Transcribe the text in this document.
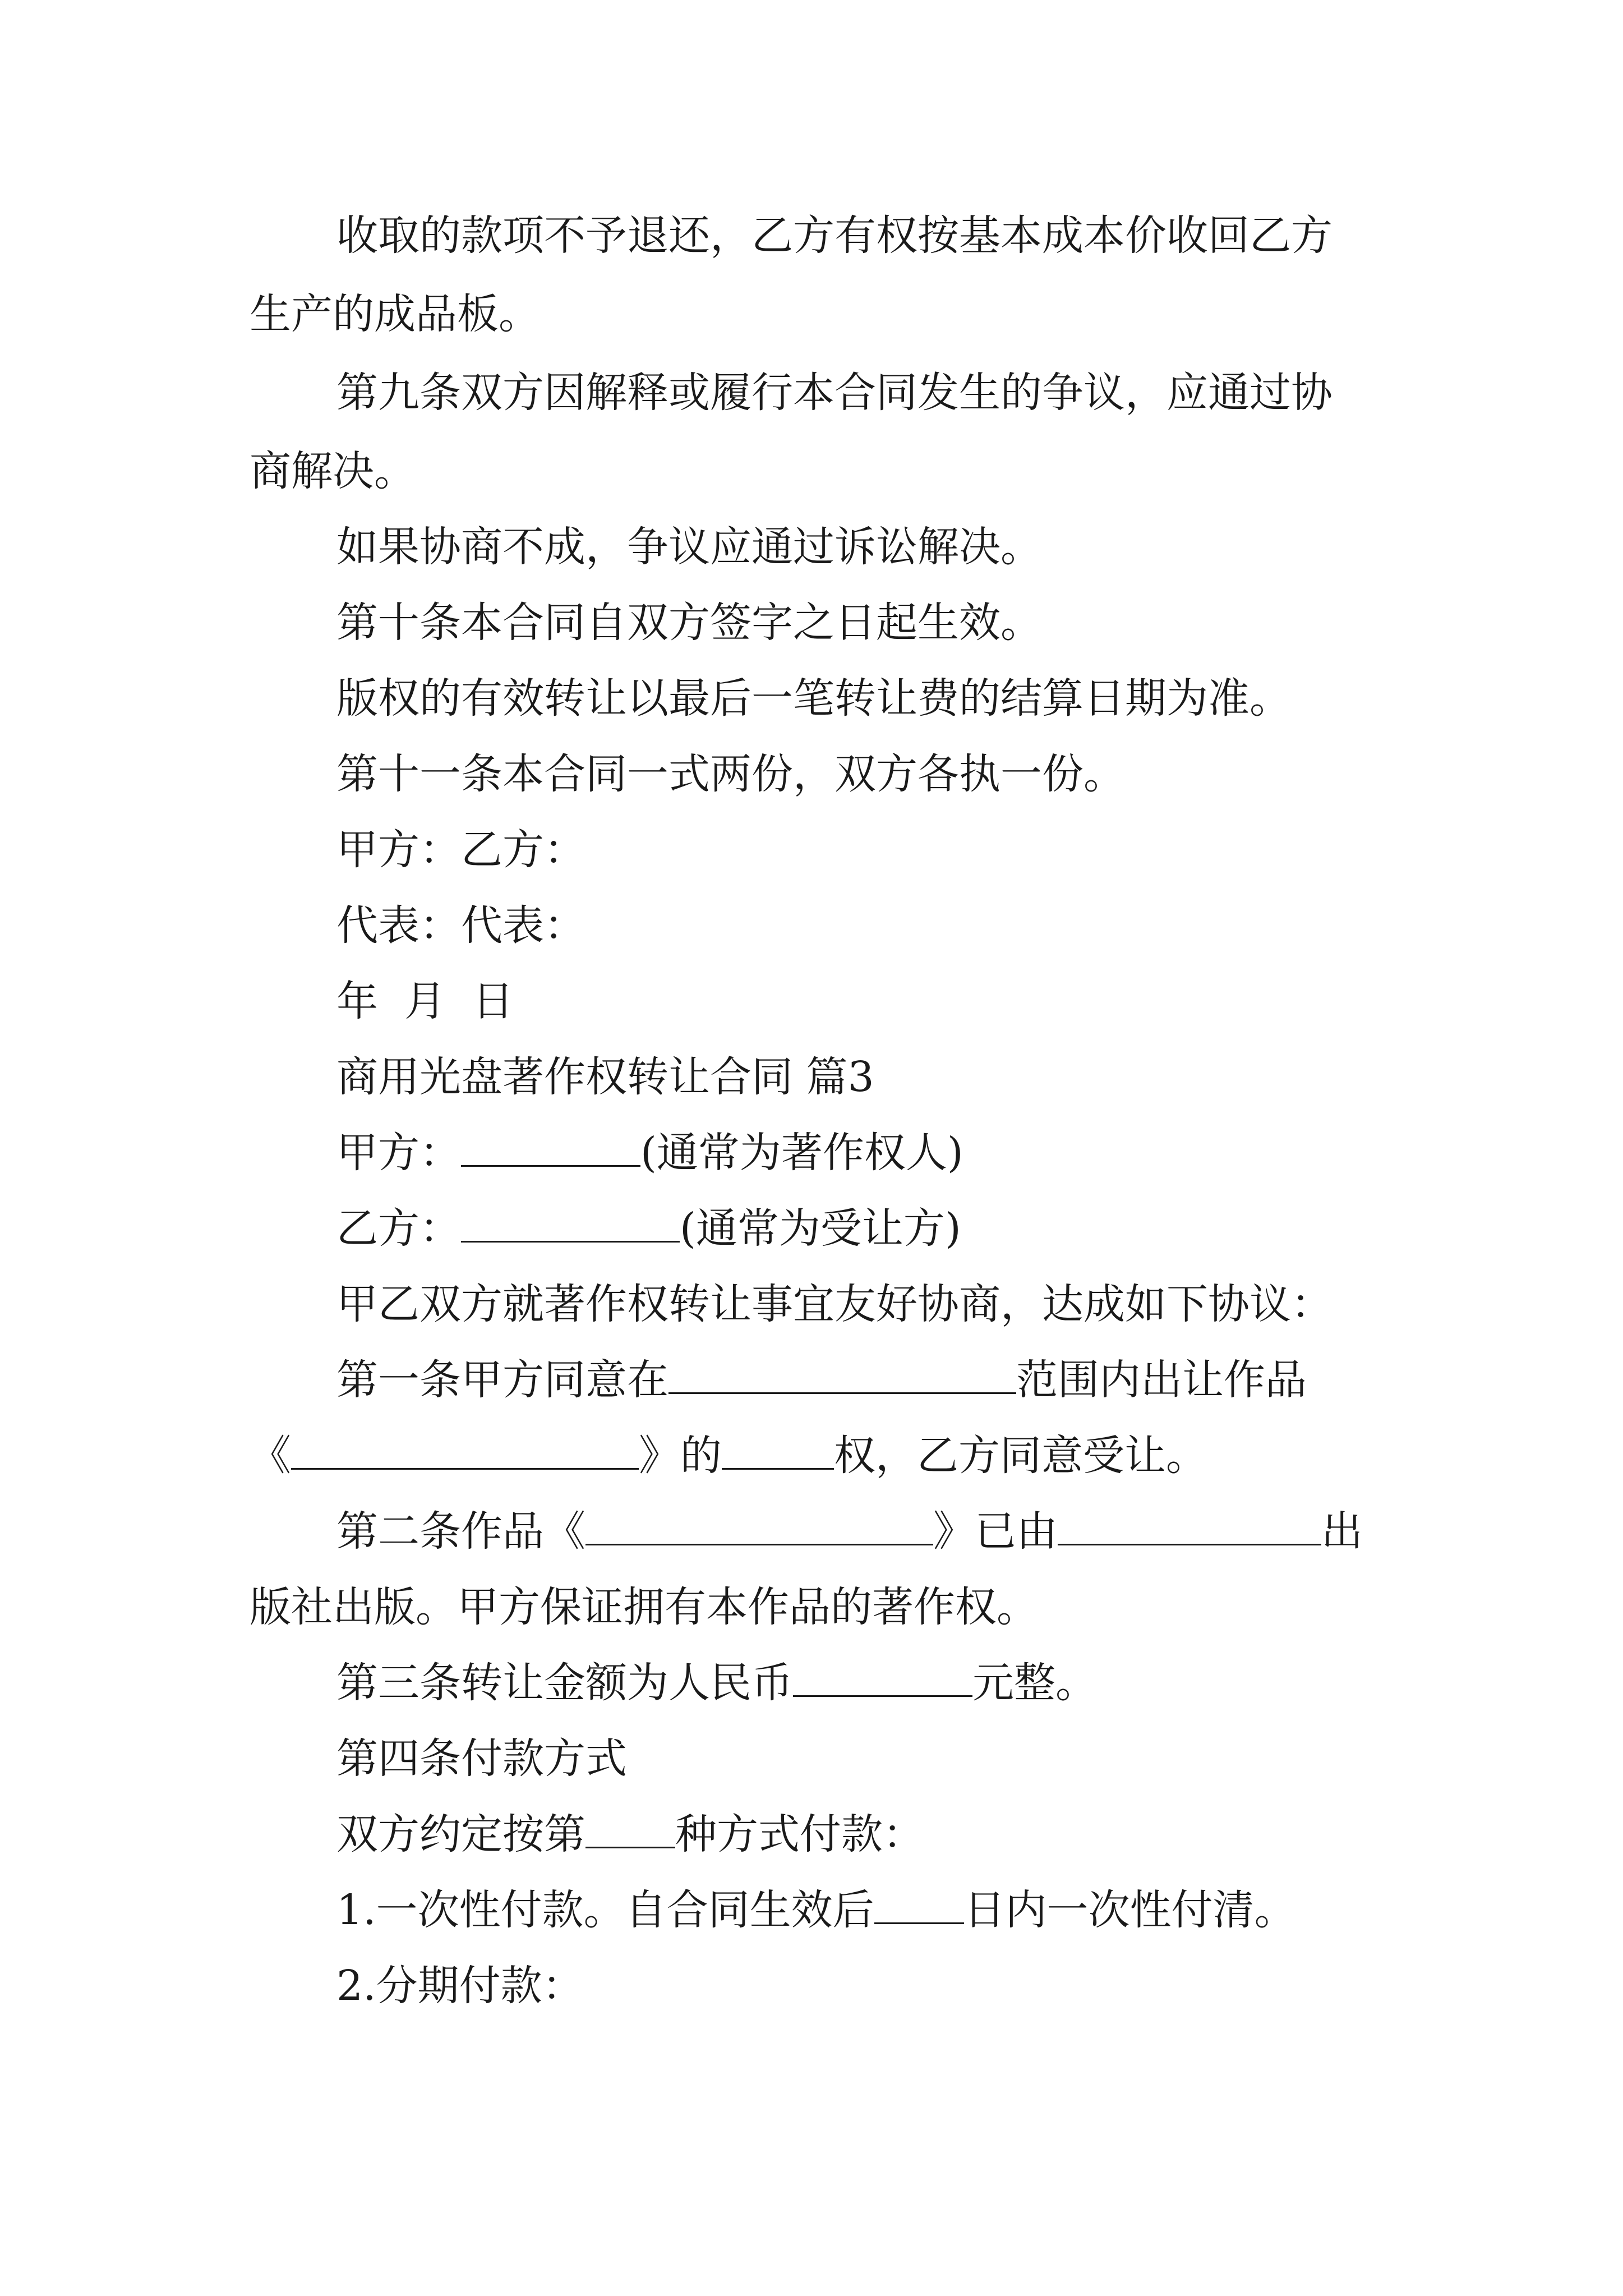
收取的款项不予退还，乙方有权按基本成本价收回乙方
生产的成品板。
第九条双方因解释或履行本合同发生的争议，应通过协
商解决。
如果协商不成，争议应通过诉讼解决。
第十条本合同自双方签字之日起生效。
版权的有效转让以最后一笔转让费的结算日期为准。
第十一条本合同一式两份，双方各执一份。
甲方：乙方：
代表：代表：
年  月  日
商用光盘著作权转让合同 篇3
甲方：	(通常为著作权人)
乙方：	(通常为受让方)
甲乙双方就著作权转让事宜友好协商，达成如下协议：
第一条甲方同意在	范围内出让作品
《	》的	权，乙方同意受让。
第二条作品《	》已由	出
版社出版。甲方保证拥有本作品的著作权。
第三条转让金额为人民币	元整。
第四条付款方式
双方约定按第 种方式付款：
1.一次性付款。自合同生效后 日内一次性付清。
2.分期付款：
